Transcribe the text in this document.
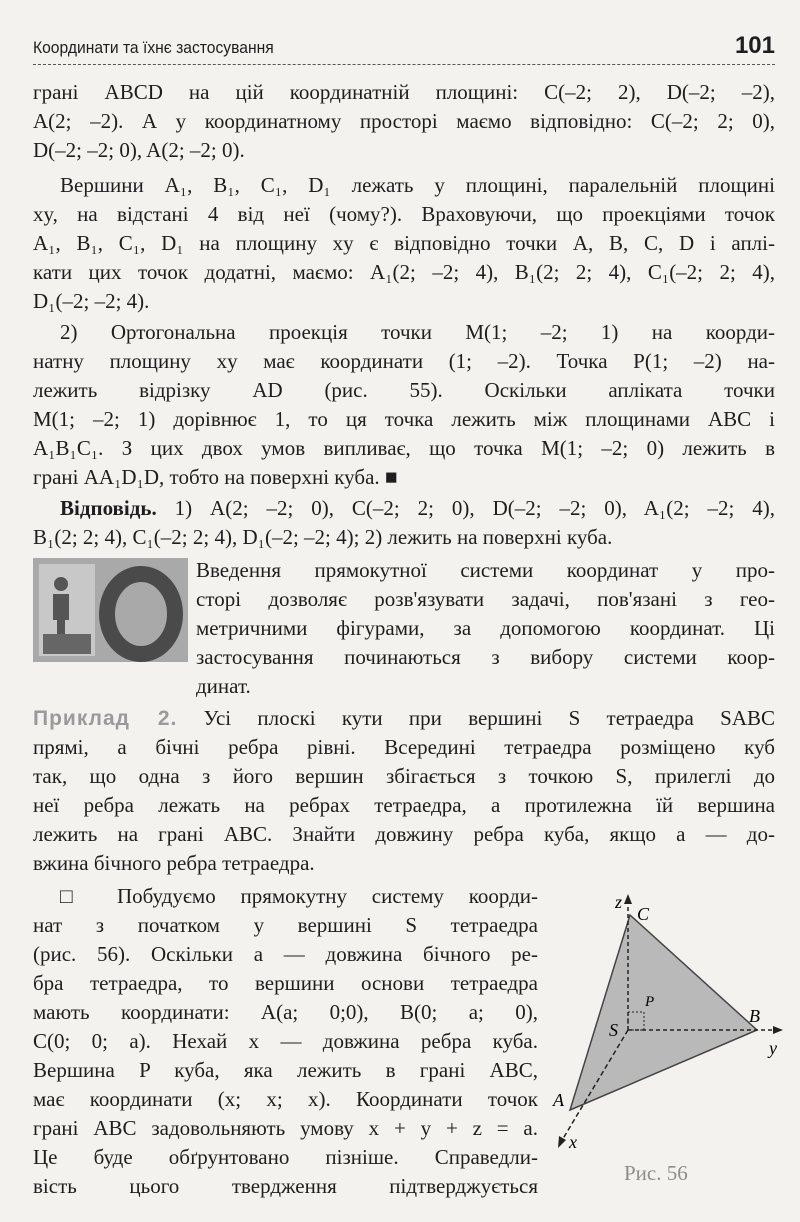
Координати та їхнє застосування	101
грані ABCD на цій координатній площині: C(–2; 2), D(–2; –2),
A(2; –2). А у координатному просторі маємо відповідно: C(–2; 2; 0),
D(–2; –2; 0), A(2; –2; 0).
Вершини A₁, B₁, C₁, D₁ лежать у площині, паралельній площині
xy, на відстані 4 від неї (чому?). Враховуючи, що проекціями точок
A₁, B₁, C₁, D₁ на площину xy є відповідно точки A, B, C, D і аплі-
кати цих точок додатні, маємо: A₁(2; –2; 4), B₁(2; 2; 4), C₁(–2; 2; 4),
D₁(–2; –2; 4).
2) Ортогональна проекція точки M(1; –2; 1) на коорди-
натну площину xy має координати (1; –2). Точка P(1; –2) на-
лежить відрізку AD (рис. 55). Оскільки апліката точки
M(1; –2; 1) дорівнює 1, то ця точка лежить між площинами ABC і
A₁B₁C₁. З цих двох умов випливає, що точка M(1; –2; 0) лежить в
грані AA₁D₁D, тобто на поверхні куба. ■
Відповідь. 1) A(2; –2; 0), C(–2; 2; 0), D(–2; –2; 0), A₁(2; –2; 4),
B₁(2; 2; 4), C₁(–2; 2; 4), D₁(–2; –2; 4); 2) лежить на поверхні куба.
Введення прямокутної системи координат у про-
сторі дозволяє розв'язувати задачі, пов'язані з гео-
метричними фігурами, за допомогою координат. Ці
застосування починаються з вибору системи коор-
динат.
Приклад 2. Усі плоскі кути при вершині S тетраедра SABC
прямі, а бічні ребра рівні. Всередині тетраедра розміщено куб
так, що одна з його вершин збігається з точкою S, прилеглі до
неї ребра лежать на ребрах тетраедра, а протилежна їй вершина
лежить на грані ABC. Знайти довжину ребра куба, якщо a — до-
вжина бічного ребра тетраедра.
□ Побудуємо прямокутну систему коорди-
нат з початком у вершині S тетраедра
(рис. 56). Оскільки a — довжина бічного ре-
бра тетраедра, то вершини основи тетраедра
мають координати: A(a; 0;0), B(0; a; 0),
C(0; 0; a). Нехай x — довжина ребра куба.
Вершина P куба, яка лежить в грані ABC,
має координати (x; x; x). Координати точок
грані ABC задовольняють умову x + y + z = a.
Це буде обґрунтовано пізніше. Справедли-
вість цього твердження підтверджується
z
C
B
y
A
x
S
P
Рис. 56
